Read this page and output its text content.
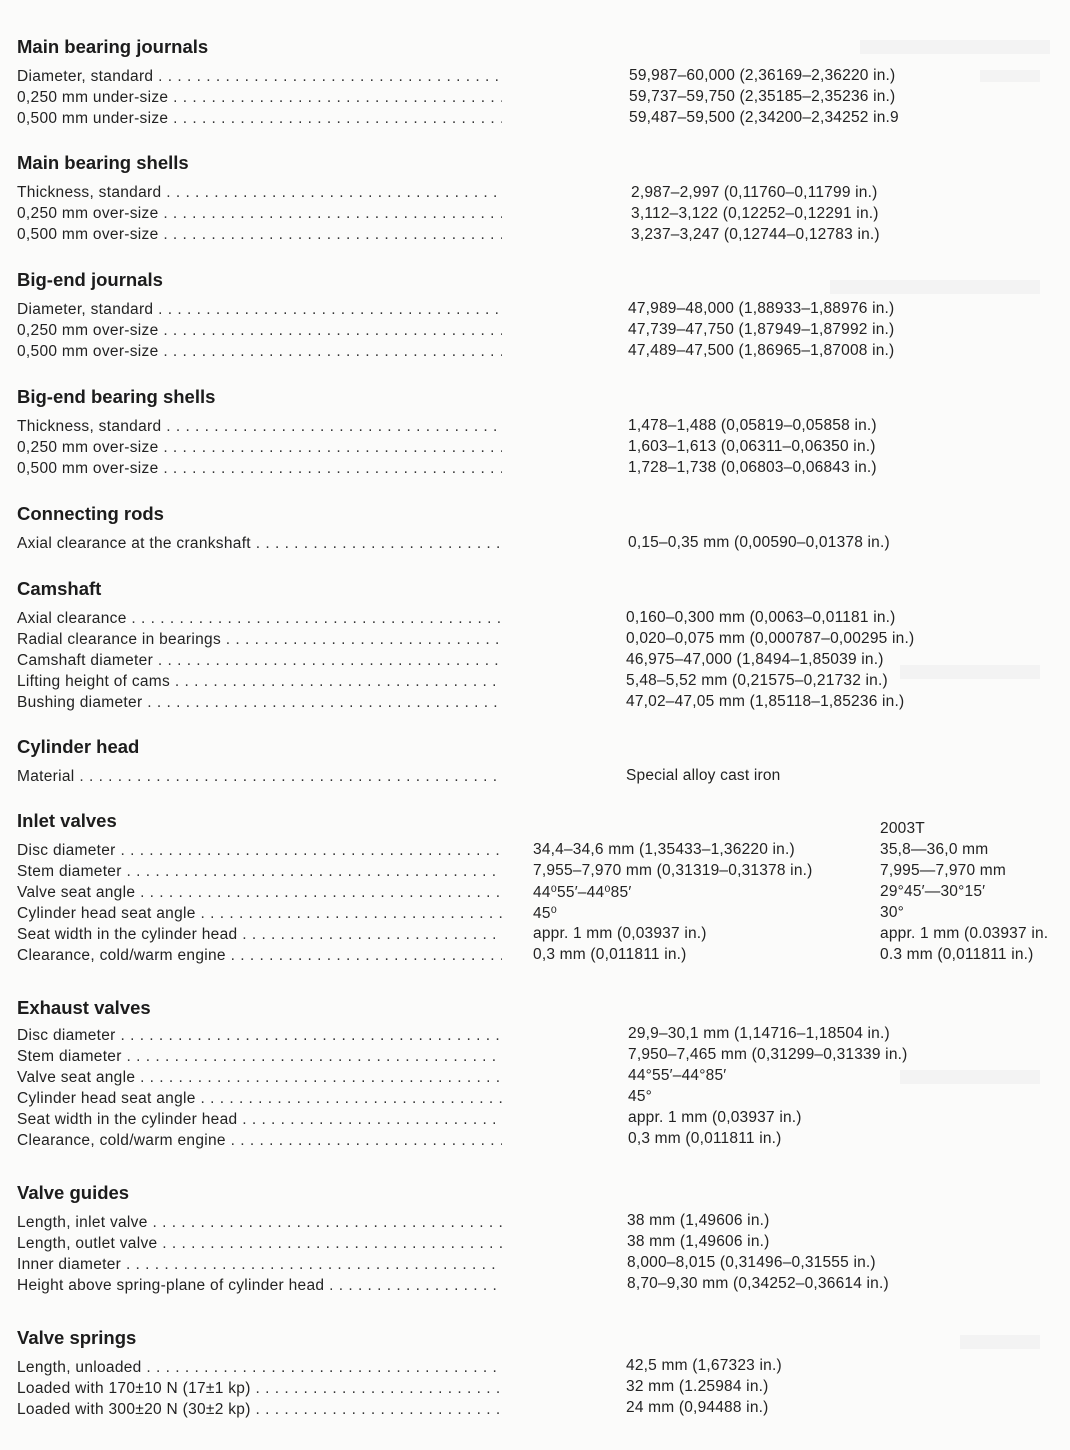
Main bearing journals
Diameter, standard . . .	59,987–60,000 (2,36169–2,36220 in.)
0,250 mm under-size . . .	59,737–59,750 (2,35185–2,35236 in.)
0,500 mm under-size . . .	59,487–59,500 (2,34200–2,34252 in.9
Main bearing shells
Thickness, standard . . .	2,987–2,997 (0,11760–0,11799 in.)
0,250 mm over-size . . .	3,112–3,122 (0,12252–0,12291 in.)
0,500 mm over-size . . .	3,237–3,247 (0,12744–0,12783 in.)
Big-end journals
Diameter, standard . . .	47,989–48,000 (1,88933–1,88976 in.)
0,250 mm over-size . . .	47,739–47,750 (1,87949–1,87992 in.)
0,500 mm over-size . . .	47,489–47,500 (1,86965–1,87008 in.)
Big-end bearing shells
Thickness, standard . . .	1,478–1,488 (0,05819–0,05858 in.)
0,250 mm over-size . . .	1,603–1,613 (0,06311–0,06350 in.)
0,500 mm over-size . . .	1,728–1,738 (0,06803–0,06843 in.)
Connecting rods
Axial clearance at the crankshaft . . .	0,15–0,35 mm (0,00590–0,01378 in.)
Camshaft
Axial clearance . . .	0,160–0,300 mm (0,0063–0,01181 in.)
Radial clearance in bearings . . .	0,020–0,075 mm (0,000787–0,00295 in.)
Camshaft diameter . . .	46,975–47,000 (1,8494–1,85039 in.)
Lifting height of cams . . .	5,48–5,52 mm (0,21575–0,21732 in.)
Bushing diameter . . .	47,02–47,05 mm (1,85118–1,85236 in.)
Cylinder head
Material . . .	Special alloy cast iron
Inlet valves	2003T
Disc diameter . . .	34,4–34,6 mm (1,35433–1,36220 in.)	35,8—36,0 mm
Stem diameter . . .	7,955–7,970 mm (0,31319–0,31378 in.)	7,995—7,970 mm
Valve seat angle . . .	44⁰55′–44⁰85′	29°45′—30°15′
Cylinder head seat angle . . .	45⁰	30°
Seat width in the cylinder head . . .	appr. 1 mm (0,03937 in.)	appr. 1 mm (0.03937 in.
Clearance, cold/warm engine . . .	0,3 mm (0,011811 in.)	0.3 mm (0,011811 in.)
Exhaust valves
Disc diameter . . .	29,9–30,1 mm (1,14716–1,18504 in.)
Stem diameter . . .	7,950–7,465 mm (0,31299–0,31339 in.)
Valve seat angle . . .	44°55′–44°85′
Cylinder head seat angle . . .	45°
Seat width in the cylinder head . . .	appr. 1 mm (0,03937 in.)
Clearance, cold/warm engine . . .	0,3 mm (0,011811 in.)
Valve guides
Length, inlet valve . . .	38 mm (1,49606 in.)
Length, outlet valve . . .	38 mm (1,49606 in.)
Inner diameter . . .	8,000–8,015 (0,31496–0,31555 in.)
Height above spring-plane of cylinder head . . .	8,70–9,30 mm (0,34252–0,36614 in.)
Valve springs
Length, unloaded . . .	42,5 mm (1,67323 in.)
Loaded with 170±10 N (17±1 kp) . . .	32 mm (1.25984 in.)
Loaded with 300±20 N (30±2 kp) . . .	24 mm (0,94488 in.)
